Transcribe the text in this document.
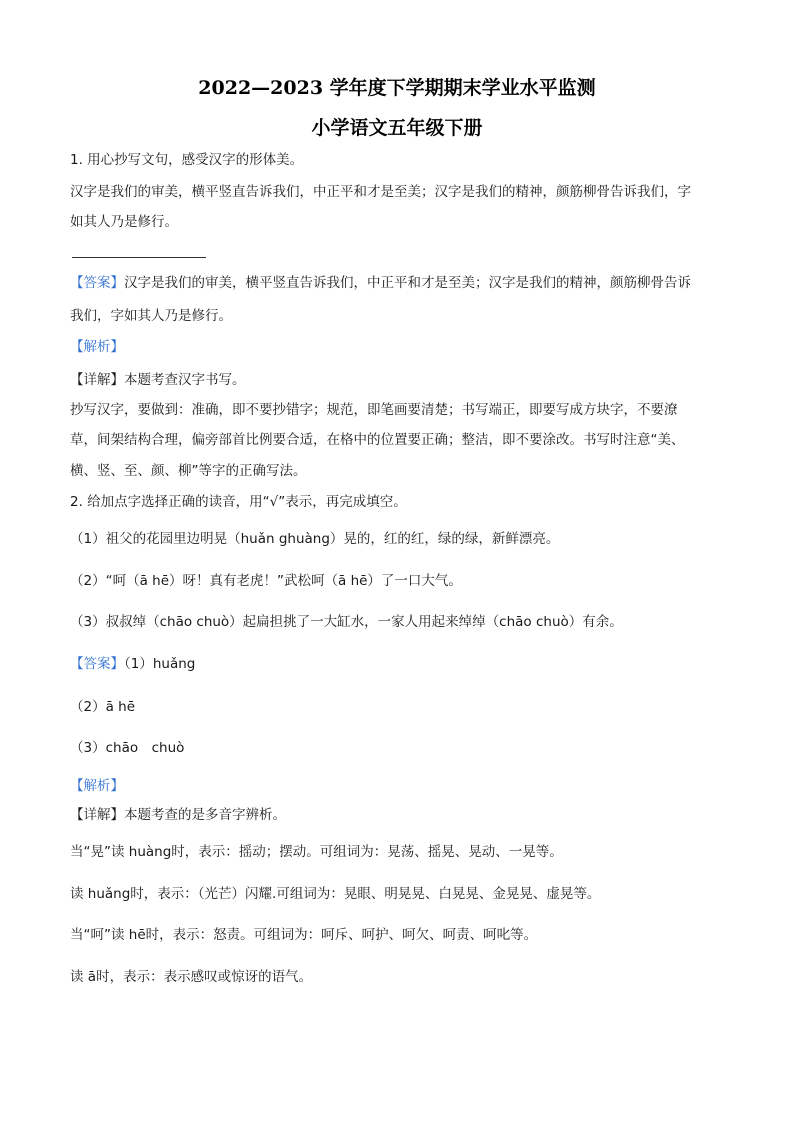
2022—2023 学年度下学期期末学业水平监测
小学语文五年级下册
1. 用心抄写文句，感受汉字的形体美。
汉字是我们的审美，横平竖直告诉我们，中正平和才是至美；汉字是我们的精神，颜筋柳骨告诉我们，字
如其人乃是修行。
【答案】汉字是我们的审美，横平竖直告诉我们，中正平和才是至美；汉字是我们的精神，颜筋柳骨告诉
我们，字如其人乃是修行。
【解析】
【详解】本题考查汉字书写。
抄写汉字，要做到：准确，即不要抄错字；规范，即笔画要清楚；书写端正，即要写成方块字，不要潦
草，间架结构合理，偏旁部首比例要合适，在格中的位置要正确；整洁，即不要涂改。书写时注意“美、
横、竖、至、颜、柳”等字的正确写法。
2. 给加点字选择正确的读音，用“√”表示，再完成填空。
（1）祖父的花园里边明晃（huǎn ghuàng）晃的，红的红，绿的绿，新鲜漂亮。
（2）“呵（ā hē）呀！真有老虎！”武松呵（ā hē）了一口大气。
（3）叔叔绰（chāo chuò）起扁担挑了一大缸水，一家人用起来绰绰（chāo chuò）有余。
【答案】（1）huǎng
（2）ā hē
（3）chāo　chuò
【解析】
【详解】本题考查的是多音字辨析。
当“晃”读 huàng时，表示：摇动；摆动。可组词为：晃荡、摇晃、晃动、一晃等。
读 huǎng时，表示：（光芒）闪耀.可组词为：晃眼、明晃晃、白晃晃、金晃晃、虚晃等。
当“呵”读 hē时，表示：怒责。可组词为：呵斥、呵护、呵欠、呵责、呵叱等。
读 ā时，表示：表示感叹或惊讶的语气。
